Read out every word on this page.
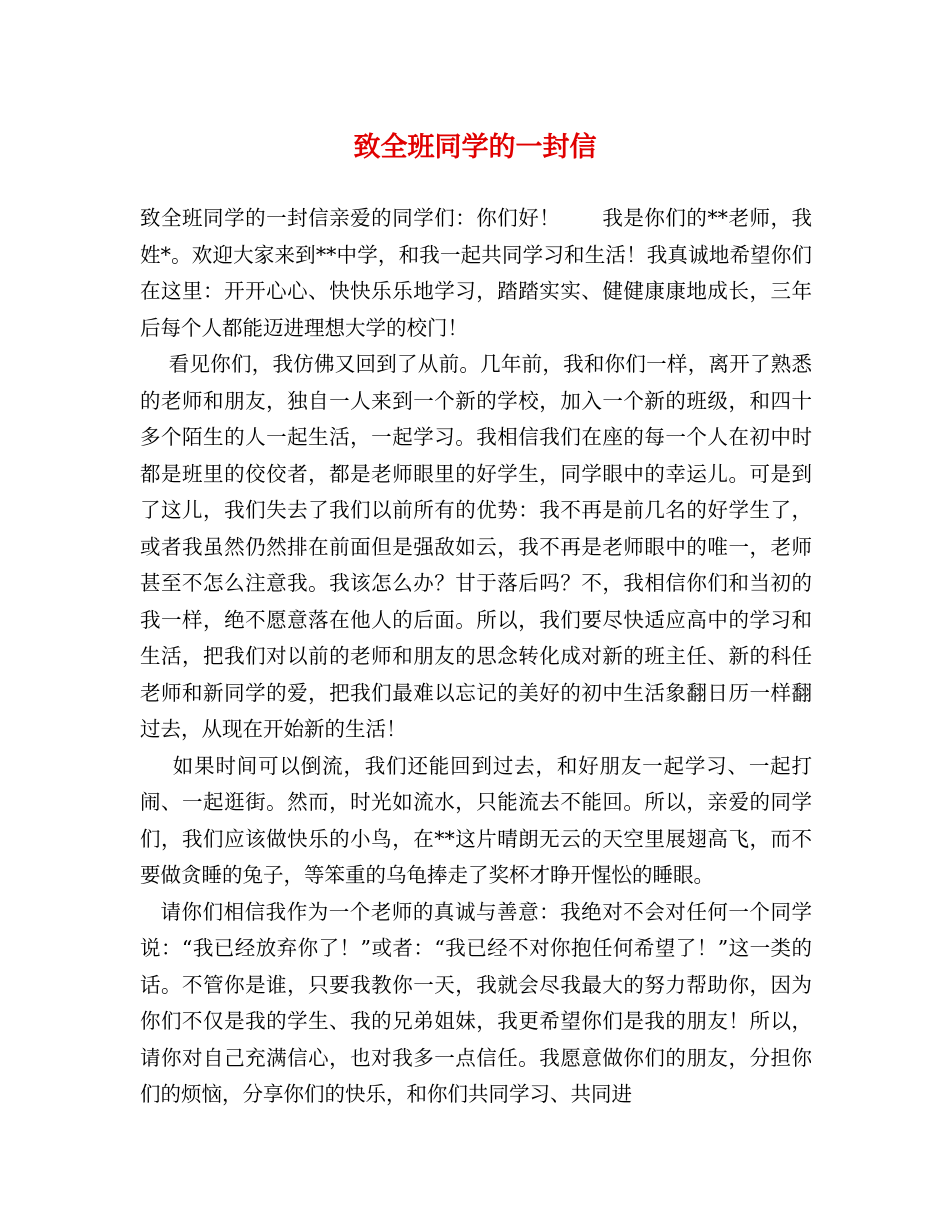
致全班同学的一封信

致全班同学的一封信亲爱的同学们：你们好！　　我是你们的**老师，我姓*。欢迎大家来到**中学，和我一起共同学习和生活！我真诚地希望你们在这里：开开心心、快快乐乐地学习，踏踏实实、健健康康地成长，三年后每个人都能迈进理想大学的校门！

看见你们，我仿佛又回到了从前。几年前，我和你们一样，离开了熟悉的老师和朋友，独自一人来到一个新的学校，加入一个新的班级，和四十多个陌生的人一起生活，一起学习。我相信我们在座的每一个人在初中时都是班里的佼佼者，都是老师眼里的好学生，同学眼中的幸运儿。可是到了这儿，我们失去了我们以前所有的优势：我不再是前几名的好学生了，或者我虽然仍然排在前面但是强敌如云，我不再是老师眼中的唯一，老师甚至不怎么注意我。我该怎么办？甘于落后吗？不，我相信你们和当初的我一样，绝不愿意落在他人的后面。所以，我们要尽快适应高中的学习和生活，把我们对以前的老师和朋友的思念转化成对新的班主任、新的科任老师和新同学的爱，把我们最难以忘记的美好的初中生活象翻日历一样翻过去，从现在开始新的生活！

如果时间可以倒流，我们还能回到过去，和好朋友一起学习、一起打闹、一起逛街。然而，时光如流水，只能流去不能回。所以，亲爱的同学们，我们应该做快乐的小鸟，在**这片晴朗无云的天空里展翅高飞，而不要做贪睡的兔子，等笨重的乌龟捧走了奖杯才睁开惺忪的睡眼。

请你们相信我作为一个老师的真诚与善意：我绝对不会对任何一个同学说：“我已经放弃你了！”或者：“我已经不对你抱任何希望了！”这一类的话。不管你是谁，只要我教你一天，我就会尽我最大的努力帮助你，因为你们不仅是我的学生、我的兄弟姐妹，我更希望你们是我的朋友！所以，请你对自己充满信心，也对我多一点信任。我愿意做你们的朋友，分担你们的烦恼，分享你们的快乐，和你们共同学习、共同进
